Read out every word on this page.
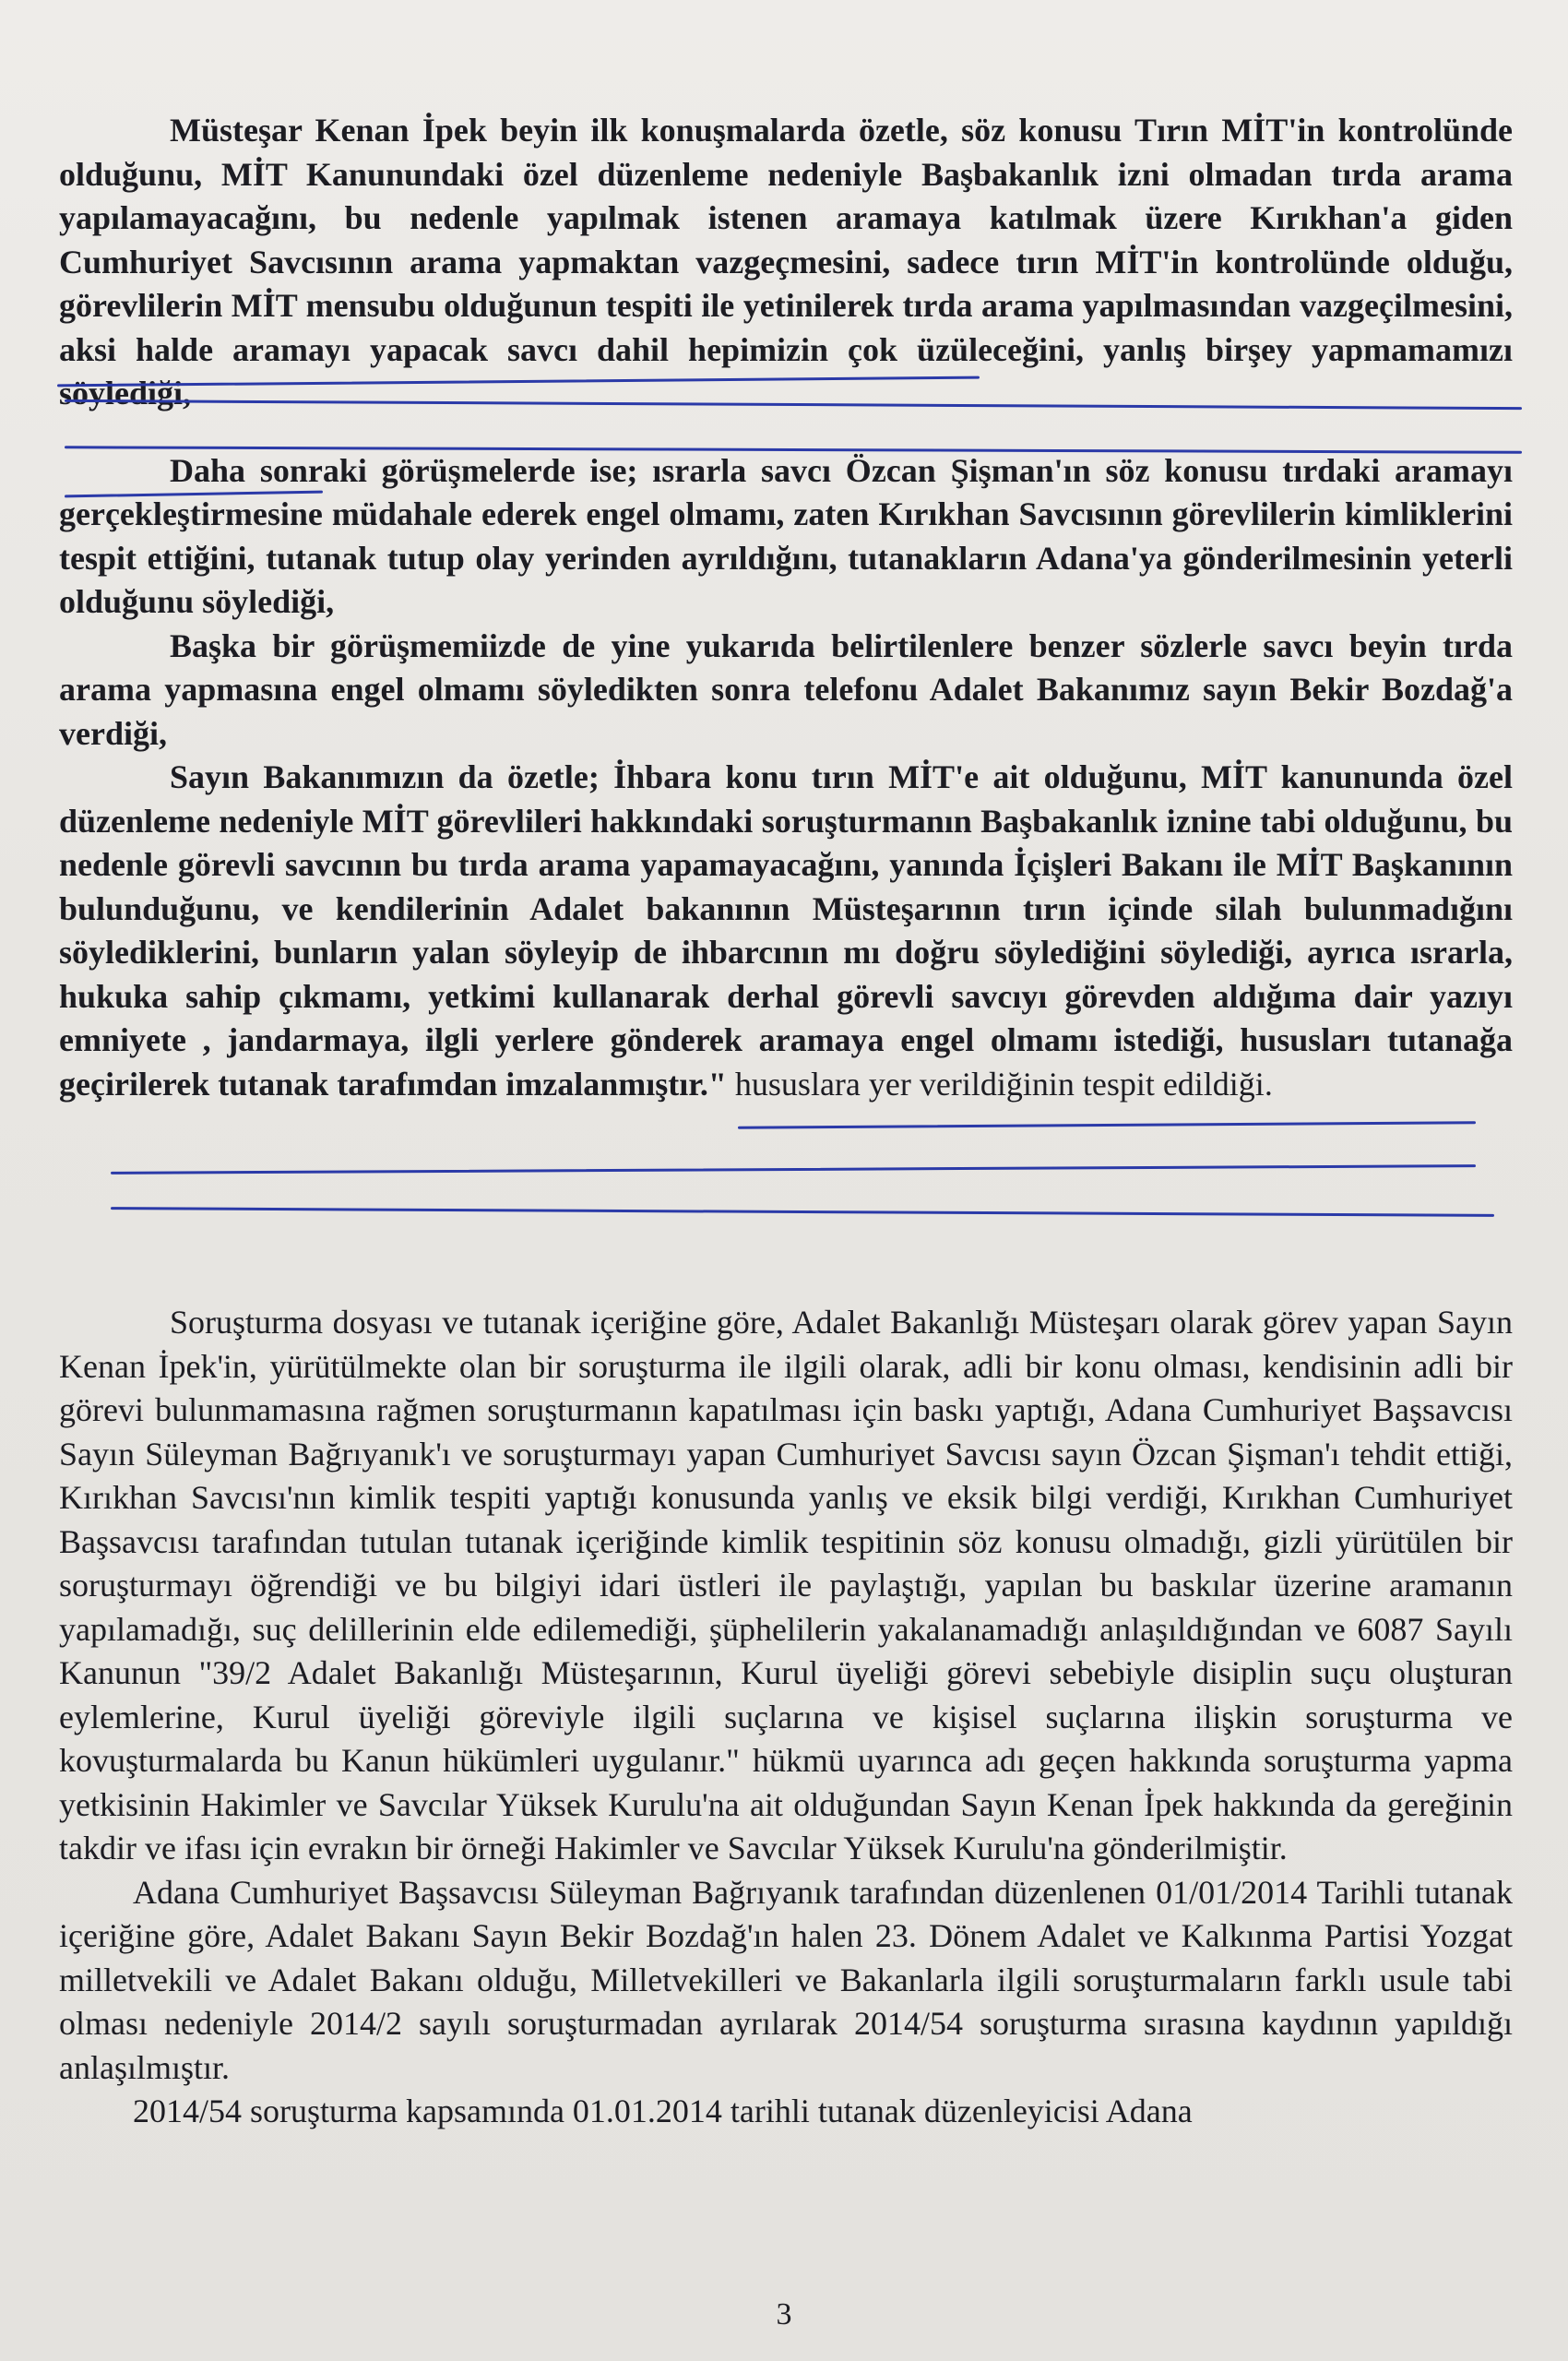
Müsteşar Kenan İpek beyin ilk konuşmalarda özetle, söz konusu Tırın MİT'in kontrolünde olduğunu, MİT Kanunundaki özel düzenleme nedeniyle Başbakanlık izni olmadan tırda arama yapılamayacağını, bu nedenle yapılmak istenen aramaya katılmak üzere Kırıkhan'a giden Cumhuriyet Savcısının arama yapmaktan vazgeçmesini, sadece tırın MİT'in kontrolünde olduğu, görevlilerin MİT mensubu olduğunun tespiti ile yetinilerek tırda arama yapılmasından vazgeçilmesini, aksi halde aramayı yapacak savcı dahil hepimizin çok üzüleceğini, yanlış birşey yapmamamızı söylediği,

Daha sonraki görüşmelerde ise; ısrarla savcı Özcan Şişman'ın söz konusu tırdaki aramayı gerçekleştirmesine müdahale ederek engel olmamı, zaten Kırıkhan Savcısının görevlilerin kimliklerini tespit ettiğini, tutanak tutup olay yerinden ayrıldığını, tutanakların Adana'ya gönderilmesinin yeterli olduğunu söylediği,

Başka bir görüşmemiizde de yine yukarıda belirtilenlere benzer sözlerle savcı beyin tırda arama yapmasına engel olmamı söyledikten sonra telefonu Adalet Bakanımız sayın Bekir Bozdağ'a verdiği,

Sayın Bakanımızın da özetle; İhbara konu tırın MİT'e ait olduğunu, MİT kanununda özel düzenleme nedeniyle MİT görevlileri hakkındaki soruşturmanın Başbakanlık iznine tabi olduğunu, bu nedenle görevli savcının bu tırda arama yapamayacağını, yanında İçişleri Bakanı ile MİT Başkanının bulunduğunu, ve kendilerinin Adalet bakanının Müsteşarının tırın içinde silah bulunmadığını söylediklerini, bunların yalan söyleyip de ihbarcının mı doğru söylediğini söylediği, ayrıca ısrarla, hukuka sahip çıkmamı, yetkimi kullanarak derhal görevli savcıyı görevden aldığıma dair yazıyı emniyete , jandarmaya, ilgli yerlere gönderek aramaya engel olmamı istediği, hususları tutanağa geçirilerek tutanak tarafımdan imzalanmıştır." hususlara yer verildiğinin tespit edildiği.

Soruşturma dosyası ve tutanak içeriğine göre, Adalet Bakanlığı Müsteşarı olarak görev yapan Sayın Kenan İpek'in, yürütülmekte olan bir soruşturma ile ilgili olarak, adli bir konu olması, kendisinin adli bir görevi bulunmamasına rağmen soruşturmanın kapatılması için baskı yaptığı, Adana Cumhuriyet Başsavcısı Sayın Süleyman Bağrıyanık'ı ve soruşturmayı yapan Cumhuriyet Savcısı sayın Özcan Şişman'ı tehdit ettiği, Kırıkhan Savcısı'nın kimlik tespiti yaptığı konusunda yanlış ve eksik bilgi verdiği, Kırıkhan Cumhuriyet Başsavcısı tarafından tutulan tutanak içeriğinde kimlik tespitinin söz konusu olmadığı, gizli yürütülen bir soruşturmayı öğrendiği ve bu bilgiyi idari üstleri ile paylaştığı, yapılan bu baskılar üzerine aramanın yapılamadığı, suç delillerinin elde edilemediği, şüphelilerin yakalanamadığı anlaşıldığından ve 6087 Sayılı Kanunun "39/2 Adalet Bakanlığı Müsteşarının, Kurul üyeliği görevi sebebiyle disiplin suçu oluşturan eylemlerine, Kurul üyeliği göreviyle ilgili suçlarına ve kişisel suçlarına ilişkin soruşturma ve kovuşturmalarda bu Kanun hükümleri uygulanır." hükmü uyarınca adı geçen hakkında soruşturma yapma yetkisinin Hakimler ve Savcılar Yüksek Kurulu'na ait olduğundan Sayın Kenan İpek hakkında da gereğinin takdir ve ifası için evrakın bir örneği Hakimler ve Savcılar Yüksek Kurulu'na gönderilmiştir.

Adana Cumhuriyet Başsavcısı Süleyman Bağrıyanık tarafından düzenlenen 01/01/2014 Tarihli tutanak içeriğine göre, Adalet Bakanı Sayın Bekir Bozdağ'ın halen 23. Dönem Adalet ve Kalkınma Partisi Yozgat milletvekili ve Adalet Bakanı olduğu, Milletvekilleri ve Bakanlarla ilgili soruşturmaların farklı usule tabi olması nedeniyle 2014/2 sayılı soruşturmadan ayrılarak 2014/54 soruşturma sırasına kaydının yapıldığı anlaşılmıştır.

2014/54 soruşturma kapsamında 01.01.2014 tarihli tutanak düzenleyicisi Adana

3
